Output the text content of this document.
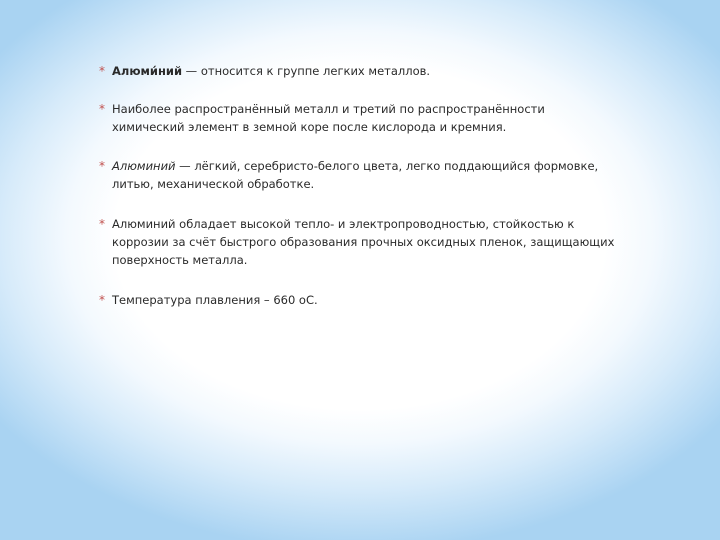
* Алюми́ний — относится к группе легких металлов.
* Наиболее распространённый металл и третий по распространённости химический элемент в земной коре после кислорода и кремния.
* Алюминий — лёгкий, серебристо-белого цвета, легко поддающийся формовке, литью, механической обработке.
* Алюминий обладает высокой тепло- и электропроводностью, стойкостью к коррозии за счёт быстрого образования прочных оксидных пленок, защищающих поверхность металла.
* Температура плавления – 660 оС.
